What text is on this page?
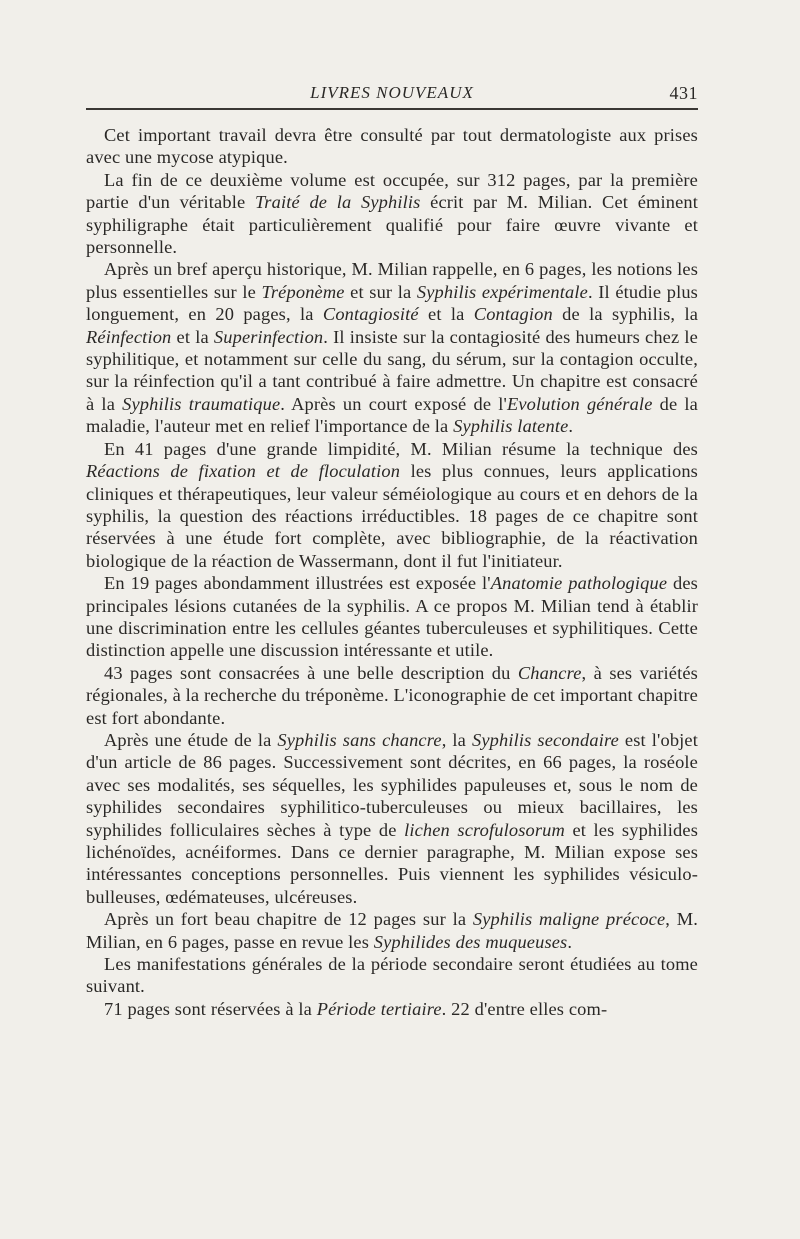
LIVRES NOUVEAUX	431

Cet important travail devra être consulté par tout dermatologiste aux prises avec une mycose atypique.

La fin de ce deuxième volume est occupée, sur 312 pages, par la première partie d'un véritable Traité de la Syphilis écrit par M. Milian. Cet éminent syphiligraphe était particulièrement qualifié pour faire œuvre vivante et personnelle.

Après un bref aperçu historique, M. Milian rappelle, en 6 pages, les notions les plus essentielles sur le Tréponème et sur la Syphilis expérimentale. Il étudie plus longuement, en 20 pages, la Contagiosité et la Contagion de la syphilis, la Réinfection et la Superinfection. Il insiste sur la contagiosité des humeurs chez le syphilitique, et notamment sur celle du sang, du sérum, sur la contagion occulte, sur la réinfection qu'il a tant contribué à faire admettre. Un chapitre est consacré à la Syphilis traumatique. Après un court exposé de l'Evolution générale de la maladie, l'auteur met en relief l'importance de la Syphilis latente.

En 41 pages d'une grande limpidité, M. Milian résume la technique des Réactions de fixation et de floculation les plus connues, leurs applications cliniques et thérapeutiques, leur valeur séméiologique au cours et en dehors de la syphilis, la question des réactions irréductibles. 18 pages de ce chapitre sont réservées à une étude fort complète, avec bibliographie, de la réactivation biologique de la réaction de Wassermann, dont il fut l'initiateur.

En 19 pages abondamment illustrées est exposée l'Anatomie pathologique des principales lésions cutanées de la syphilis. A ce propos M. Milian tend à établir une discrimination entre les cellules géantes tuberculeuses et syphilitiques. Cette distinction appelle une discussion intéressante et utile.

43 pages sont consacrées à une belle description du Chancre, à ses variétés régionales, à la recherche du tréponème. L'iconographie de cet important chapitre est fort abondante.

Après une étude de la Syphilis sans chancre, la Syphilis secondaire est l'objet d'un article de 86 pages. Successivement sont décrites, en 66 pages, la roséole avec ses modalités, ses séquelles, les syphilides papuleuses et, sous le nom de syphilides secondaires syphilitico-tuberculeuses ou mieux bacillaires, les syphilides folliculaires sèches à type de lichen scrofulosorum et les syphilides lichénoïdes, acnéiformes. Dans ce dernier paragraphe, M. Milian expose ses intéressantes conceptions personnelles. Puis viennent les syphilides vésiculo-bulleuses, œdémateuses, ulcéreuses.

Après un fort beau chapitre de 12 pages sur la Syphilis maligne précoce, M. Milian, en 6 pages, passe en revue les Syphilides des muqueuses.

Les manifestations générales de la période secondaire seront étudiées au tome suivant.

71 pages sont réservées à la Période tertiaire. 22 d'entre elles com-
